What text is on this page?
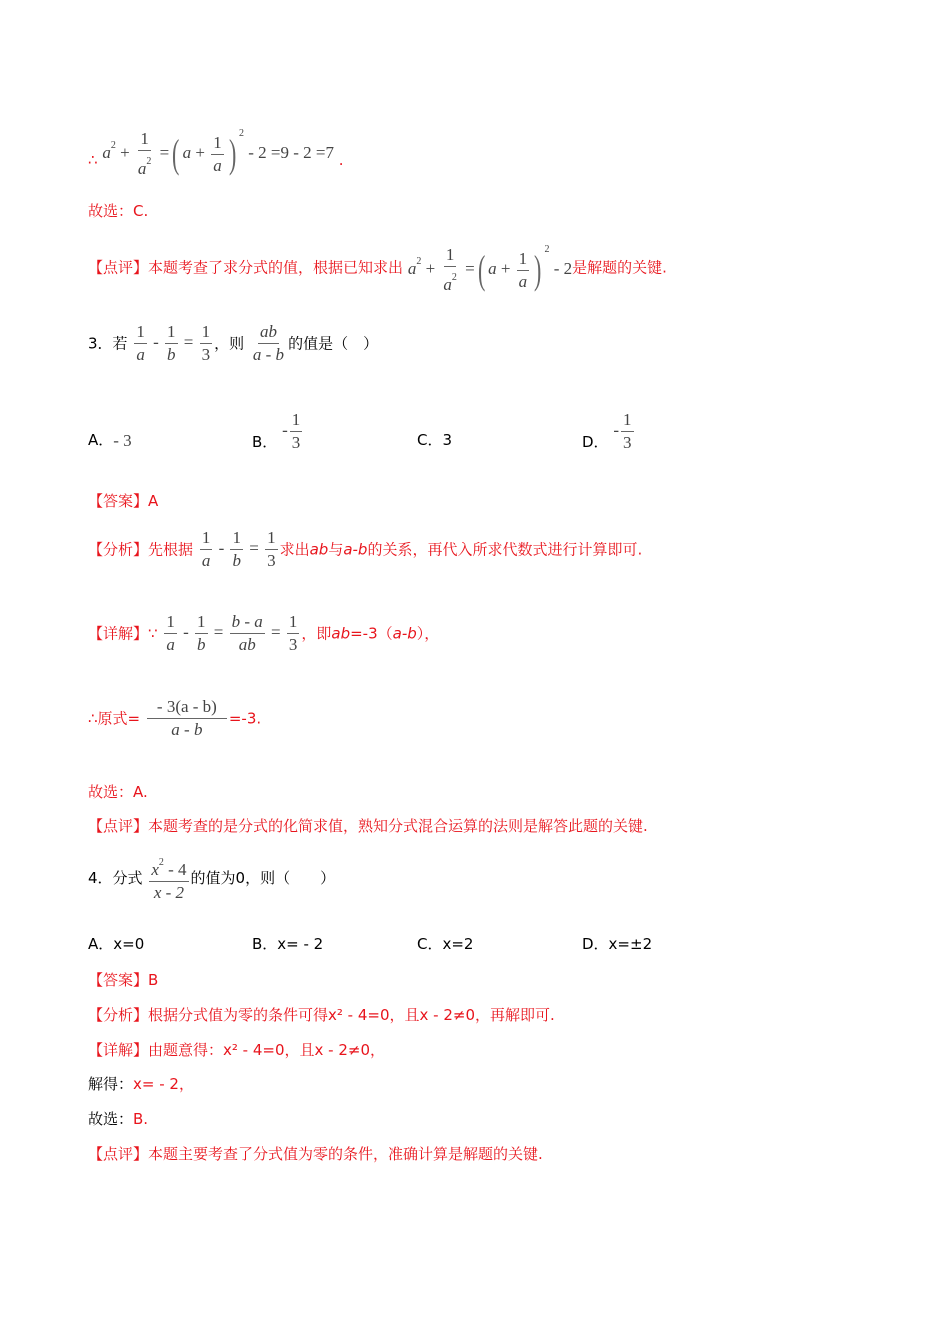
∴ $a^2 + \frac{1}{a^2}$ =( $a + \frac{1}{a}$ ) $^2$ - 2 =9 - 2 =7 .
故选：C.
【点评】本题考查了求分式的值，根据已知求出 $a^2 + \frac{1}{a^2}$ =( $a + \frac{1}{a}$ ) $^2$ - 2是解题的关键.
3．若 $\frac{1}{a} - \frac{1}{b} = \frac{1}{3}$ ，则 $\frac{ab}{a - b}$ 的值是（　）
A．- 3	B． - $\frac{1}{3}$	C．3	D． - $\frac{1}{3}$
【答案】A
【分析】先根据 $\frac{1}{a} - \frac{1}{b} = \frac{1}{3}$ 求出ab与a-b的关系，再代入所求代数式进行计算即可.
【详解】∵ $\frac{1}{a} - \frac{1}{b} = \frac{b - a}{ab} = \frac{1}{3}$ ，即ab=-3（a-b），
∴原式= $\frac{- 3(a - b)}{a - b} =-3$.
故选：A.
【点评】本题考查的是分式的化简求值，熟知分式混合运算的法则是解答此题的关键.
4．分式 $\frac{x^2 - 4}{x - 2}$ 的值为0，则（　　）
A．x=0	B．x= - 2	C．x=2	D．x=±2
【答案】B
【分析】根据分式值为零的条件可得x² - 4=0，且x - 2≠0，再解即可.
【详解】由题意得：x² - 4=0，且x - 2≠0，
解得：x= - 2，
故选：B.
【点评】本题主要考查了分式值为零的条件，准确计算是解题的关键.
